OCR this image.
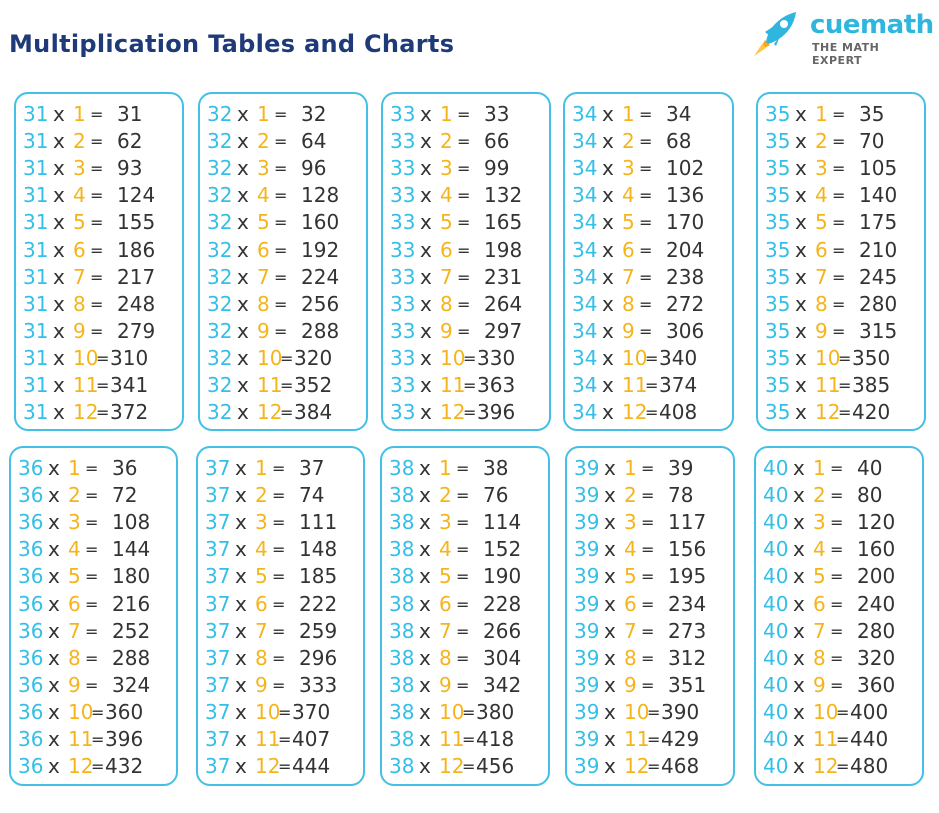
Multiplication Tables and Charts
cuemath
THE MATH EXPERT
31 x 1 = 31
31 x 2 = 62
31 x 3 = 93
31 x 4 = 124
31 x 5 = 155
31 x 6 = 186
31 x 7 = 217
31 x 8 = 248
31 x 9 = 279
31 x 10
= 310
31 x 11
= 341
31 x 12
= 372
32 x 1 = 32
32 x 2 = 64
32 x 3 = 96
32 x 4 = 128
32 x 5 = 160
32 x 6 = 192
32 x 7 = 224
32 x 8 = 256
32 x 9 = 288
32 x 10
= 320
32 x 11
= 352
32 x 12
= 384
33 x 1 = 33
33 x 2 = 66
33 x 3 = 99
33 x 4 = 132
33 x 5 = 165
33 x 6 = 198
33 x 7 = 231
33 x 8 = 264
33 x 9 = 297
33 x 10
= 330
33 x 11
= 363
33 x 12
= 396
34 x 1 = 34
34 x 2 = 68
34 x 3 = 102
34 x 4 = 136
34 x 5 = 170
34 x 6 = 204
34 x 7 = 238
34 x 8 = 272
34 x 9 = 306
34 x 10
= 340
34 x 11
= 374
34 x 12
= 408
35 x 1 = 35
35 x 2 = 70
35 x 3 = 105
35 x 4 = 140
35 x 5 = 175
35 x 6 = 210
35 x 7 = 245
35 x 8 = 280
35 x 9 = 315
35 x 10
= 350
35 x 11
= 385
35 x 12
= 420
36 x 1 = 36
36 x 2 = 72
36 x 3 = 108
36 x 4 = 144
36 x 5 = 180
36 x 6 = 216
36 x 7 = 252
36 x 8 = 288
36 x 9 = 324
36 x 10
= 360
36 x 11
= 396
36 x 12
= 432
37 x 1 = 37
37 x 2 = 74
37 x 3 = 111
37 x 4 = 148
37 x 5 = 185
37 x 6 = 222
37 x 7 = 259
37 x 8 = 296
37 x 9 = 333
37 x 10
= 370
37 x 11
= 407
37 x 12
= 444
38 x 1 = 38
38 x 2 = 76
38 x 3 = 114
38 x 4 = 152
38 x 5 = 190
38 x 6 = 228
38 x 7 = 266
38 x 8 = 304
38 x 9 = 342
38 x 10
= 380
38 x 11
= 418
38 x 12
= 456
39 x 1 = 39
39 x 2 = 78
39 x 3 = 117
39 x 4 = 156
39 x 5 = 195
39 x 6 = 234
39 x 7 = 273
39 x 8 = 312
39 x 9 = 351
39 x 10
= 390
39 x 11
= 429
39 x 12
= 468
40 x 1 = 40
40 x 2 = 80
40 x 3 = 120
40 x 4 = 160
40 x 5 = 200
40 x 6 = 240
40 x 7 = 280
40 x 8 = 320
40 x 9 = 360
40 x 10
= 400
40 x 11
= 440
40 x 12
= 480
